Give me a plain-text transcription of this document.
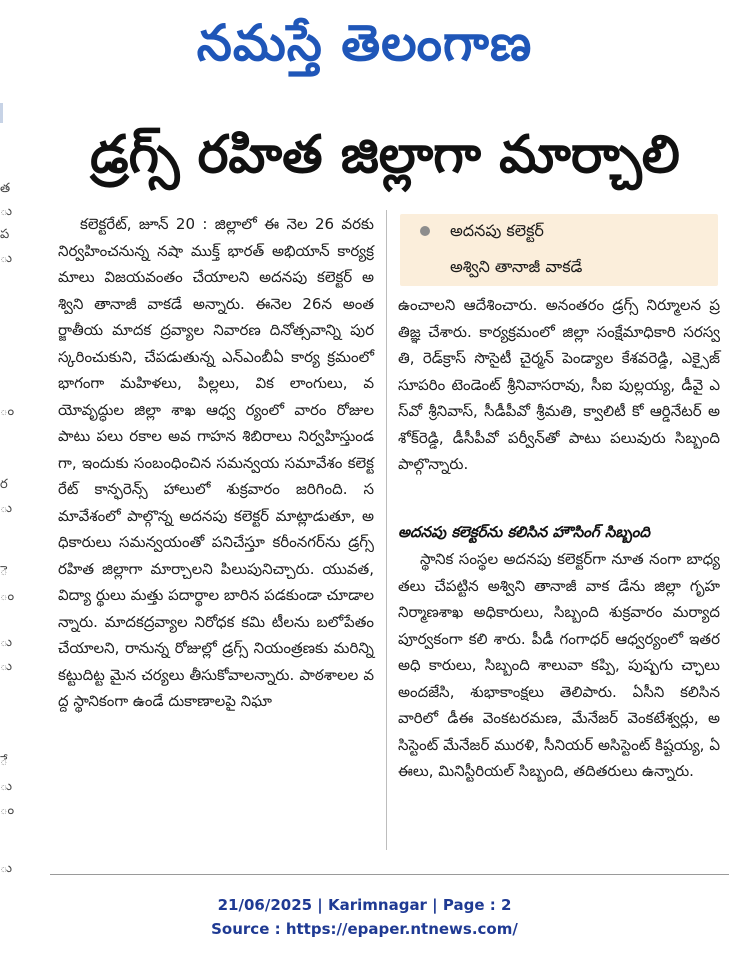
నమస్తే తెలంగాణ
త
ు
ప
ు
ం
ర
ు
ె
ం
ు
ు
ే
ు
ం
ు
డ్రగ్స్ రహిత జిల్లాగా మార్చాలి

కలెక్టరేట్, జూన్ 20 : జిల్లాలో ఈ నెల 26 వరకు నిర్వహించనున్న నషా ముక్త్ భారత్ అభియాన్ కార్యక్రమాలు విజయవంతం చేయాలని అదనపు కలెక్టర్ అశ్విని తానాజీ వాకడే అన్నారు. ఈనెల 26న అంతర్జాతీయ మాదక ద్రవ్యాల నివారణ దినోత్సవాన్ని పుర స్కరించుకుని, చేపడుతున్న ఎన్ఎంబీఏ కార్య క్రమంలో భాగంగా మహిళలు, పిల్లలు, విక లాంగులు, వయోవృద్ధుల జిల్లా శాఖ ఆధ్వ ర్యంలో వారం రోజుల పాటు పలు రకాల అవ గాహన శిబిరాలు నిర్వహిస్తుండగా, ఇందుకు సంబంధించిన సమన్వయ సమావేశం కలెక్ట రేట్ కాన్ఫరెన్స్ హాలులో శుక్రవారం జరిగింది. సమావేశంలో పాల్గొన్న అదనపు కలెక్టర్ మాట్లాడుతూ, అధికారులు సమన్వయంతో పనిచేస్తూ కరీంనగర్‌ను డ్రగ్స్ రహిత జిల్లాగా మార్చాలని పిలుపునిచ్చారు. యువత, విద్యా ర్థులు మత్తు పదార్థాల బారిన పడకుండా చూడాలన్నారు. మాదకద్రవ్యాల నిరోధక కమి టీలను బలోపేతం చేయాలని, రానున్న రోజుల్లో డ్రగ్స్ నియంత్రణకు మరిన్ని కట్టుదిట్ట మైన చర్యలు తీసుకోవాలన్నారు. పాఠశాలల వద్ద స్థానికంగా ఉండే దుకాణాలపై నిఘా

అదనపు కలెక్టర్
అశ్విని తానాజీ వాకడే

ఉంచాలని ఆదేశించారు. అనంతరం డ్రగ్స్ నిర్మూలన ప్రతిజ్ఞ చేశారు. కార్యక్రమంలో జిల్లా సంక్షేమాధికారి సరస్వతి, రెడ్‌క్రాస్ సొసైటీ చైర్మన్ పెండ్యాల కేశవరెడ్డి, ఎక్సైజ్ సూపరిం టెండెంట్ శ్రీనివాసరావు, సీఐ పుల్లయ్య, డీవై ఎస్‌వో శ్రీనివాస్, సీడీపీవో శ్రీమతి, క్వాలిటీ కో ఆర్డినేటర్ అశోక్‌రెడ్డి, డీసీపీవో పర్వీన్‌తో పాటు పలువురు సిబ్బంది పాల్గొన్నారు.

అదనపు కలెక్టర్‌ను కలిసిన హౌసింగ్ సిబ్బంది

స్థానిక సంస్థల అదనపు కలెక్టర్‌గా నూత నంగా బాధ్యతలు చేపట్టిన అశ్విని తానాజీ వాక డేను జిల్లా గృహ నిర్మాణశాఖ అధికారులు, సిబ్బంది శుక్రవారం మర్యాదపూర్వకంగా కలి శారు. పీడీ గంగాధర్ ఆధ్వర్యంలో ఇతర అధి కారులు, సిబ్బంది శాలువా కప్పి, పుష్పగు చ్ఛాలు అందజేసి, శుభాకాంక్షలు తెలిపారు. ఏసీని కలిసిన వారిలో డీఈ వెంకటరమణ, మేనేజర్ వెంకటేశ్వర్లు, అసిస్టెంట్ మేనేజర్ మురళి, సీనియర్ అసిస్టెంట్ కిష్టయ్య, ఏఈలు, మినిస్టీరియల్ సిబ్బంది, తదితరులు ఉన్నారు.

21/06/2025 | Karimnagar | Page : 2
Source : https://epaper.ntnews.com/
